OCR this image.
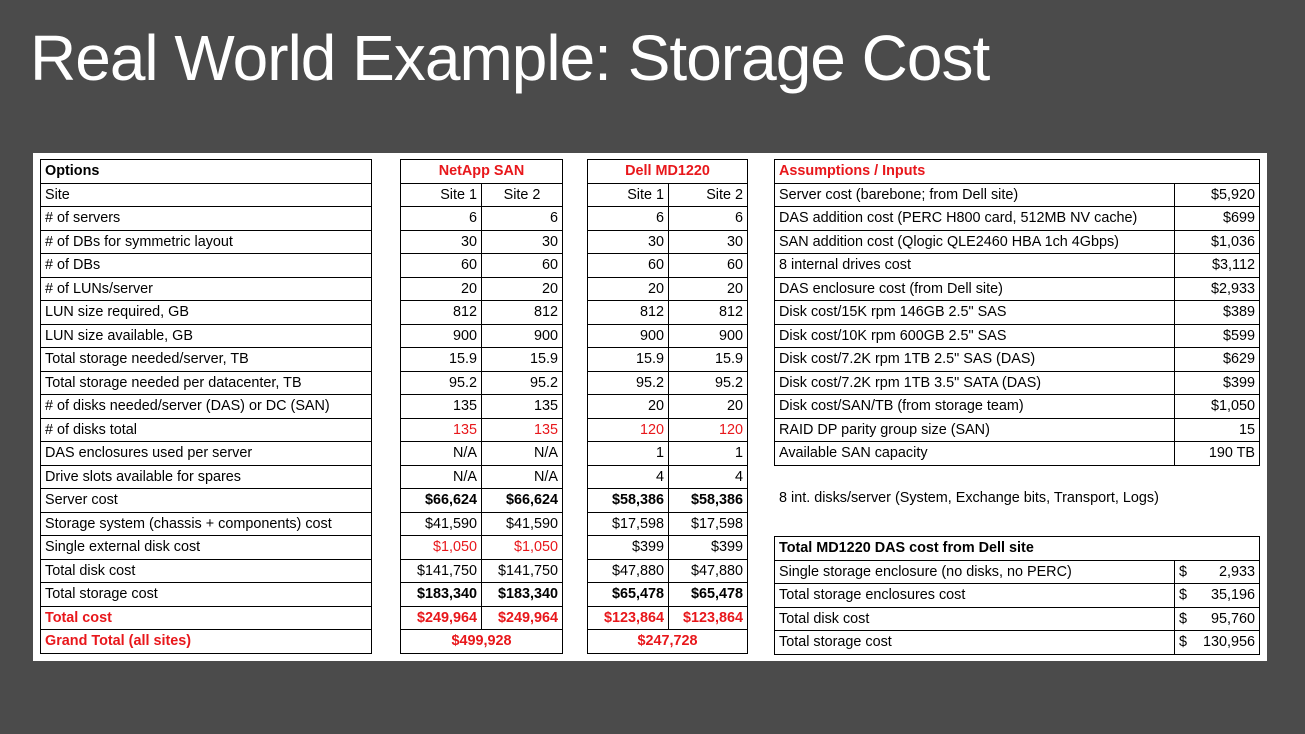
Real World Example: Storage Cost

Options		NetApp SAN			Dell MD1220	
Site		Site 1	Site 2		Site 1	Site 2
# of servers		6	6		6	6
# of DBs for symmetric layout		30	30		30	30
# of DBs		60	60		60	60
# of LUNs/server		20	20		20	20
LUN size required, GB		812	812		812	812
LUN size available, GB		900	900		900	900
Total storage needed/server, TB		15.9	15.9		15.9	15.9
Total storage needed per datacenter, TB		95.2	95.2		95.2	95.2
# of disks needed/server (DAS) or DC (SAN)		135	135		20	20
# of disks total		135	135		120	120
DAS enclosures used per server		N/A	N/A		1	1
Drive slots available for spares		N/A	N/A		4	4
Server cost		$66,624	$66,624		$58,386	$58,386
Storage system (chassis + components) cost		$41,590	$41,590		$17,598	$17,598
Single external disk cost		$1,050	$1,050		$399	$399
Total disk cost		$141,750	$141,750		$47,880	$47,880
Total storage cost		$183,340	$183,340		$65,478	$65,478
Total cost		$249,964	$249,964		$123,864	$123,864
Grand Total (all sites)		$499,928			$247,728	

Assumptions / Inputs	
Server cost (barebone; from Dell site)	$5,920
DAS addition cost (PERC H800 card, 512MB NV cache)	$699
SAN addition cost (Qlogic QLE2460 HBA 1ch 4Gbps)	$1,036
8 internal drives cost	$3,112
DAS enclosure cost (from Dell site)	$2,933
Disk cost/15K rpm 146GB 2.5" SAS	$389
Disk cost/10K rpm 600GB 2.5" SAS	$599
Disk cost/7.2K rpm 1TB 2.5" SAS (DAS)	$629
Disk cost/7.2K rpm 1TB 3.5" SATA (DAS)	$399
Disk cost/SAN/TB (from storage team)	$1,050
RAID DP parity group size (SAN)	15
Available SAN capacity	190 TB
8 int. disks/server (System, Exchange bits, Transport, Logs)

Total MD1220 DAS cost from Dell site	
Single storage enclosure (no disks, no PERC)	$ 2,933

Total storage enclosures cost	$ 35,196

Total disk cost	$ 95,760

Total storage cost	$ 130,956
